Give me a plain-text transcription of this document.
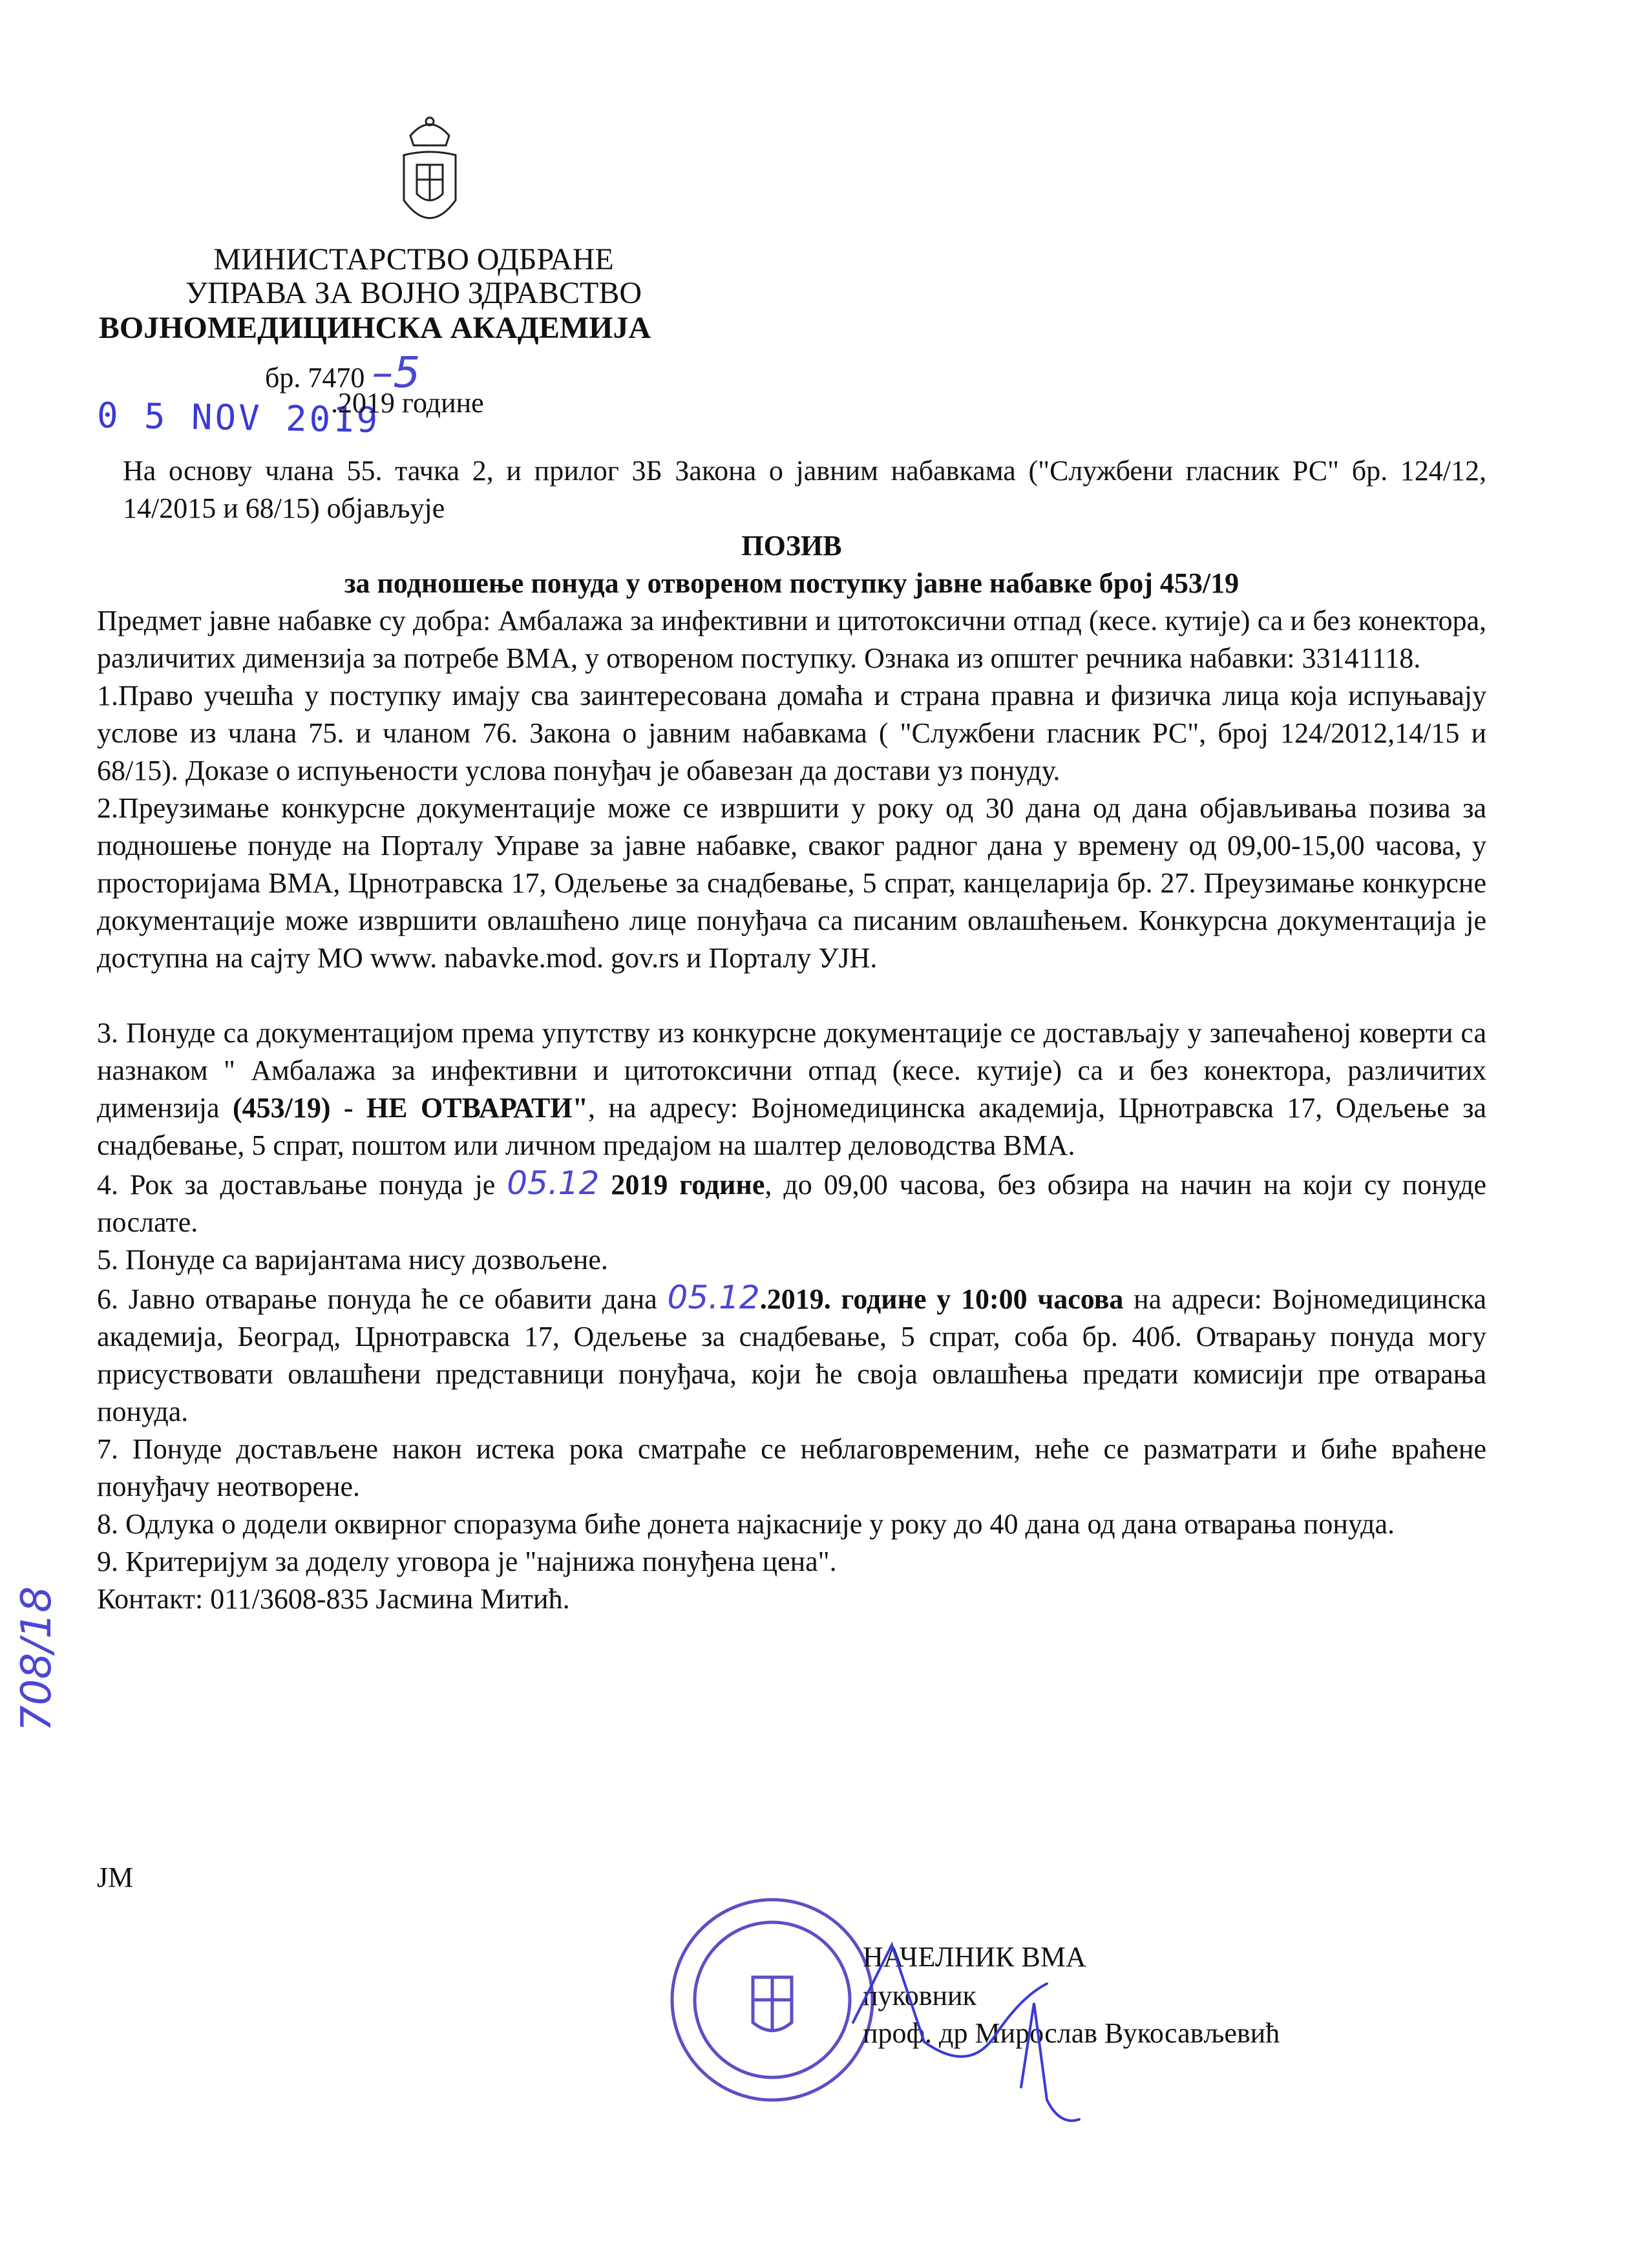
МИНИСТАРСТВО ОДБРАНЕ
УПРАВА ЗА ВОЈНО ЗДРАВСТВО
ВОЈНОМЕДИЦИНСКА АКАДЕМИЈА
бр. 7470 –5
0 5 NOV 2019
.2019 године

На основу члана 55. тачка 2, и прилог 3Б Закона о јавним набавкама ("Службени гласник РС" бр. 124/12, 14/2015 и 68/15) објављује

ПОЗИВ

за подношење понуда у отвореном поступку јавне набавке број 453/19

Предмет јавне набавке су добра: Амбалажа за инфективни и цитотоксични отпад (кесе. кутије) са и без конектора, различитих димензија за потребе ВМА, у отвореном поступку. Ознака из општег речника набавки: 33141118.

1.Право учешћа у поступку имају сва заинтересована домаћа и страна правна и физичка лица која испуњавају услове из члана 75. и чланом 76. Закона о јавним набавкама ( "Службени гласник РС", број 124/2012,14/15 и 68/15). Доказе о испуњености услова понуђач је обавезан да достави уз понуду.

2.Преузимање конкурсне документације може се извршити у року од 30 дана од дана објављивања позива за подношење понуде на Порталу Управе за јавне набавке, сваког радног дана у времену од 09,00-15,00 часова, у просторијама ВМА, Црнотравска 17, Одељење за снадбевање, 5 спрат, канцеларија бр. 27. Преузимање конкурсне документације може извршити овлашћено лице понуђача са писаним овлашћењем. Конкурсна документација је доступна на сајту МО www. nabavke.mod. gov.rs и Порталу УЈН.

3. Понуде са документацијом према упутству из конкурсне документације се достављају у запечаћеној коверти са назнаком " Амбалажа за инфективни и цитотоксични отпад (кесе. кутије) са и без конектора, различитих димензија (453/19) - НЕ ОТВАРАТИ", на адресу: Војномедицинска академија, Црнотравска 17, Одељење за снадбевање, 5 спрат, поштом или личном предајом на шалтер деловодства ВМА.

4. Рок за достављање понуда је 05.12 2019 године, до 09,00 часова, без обзира на начин на који су понуде послате.

5. Понуде са варијантама нису дозвољене.

6. Јавно отварање понуда ће се обавити дана 05.12.2019. године у 10:00 часова на адреси: Војномедицинска академија, Београд, Црнотравска 17, Одељење за снадбевање, 5 спрат, соба бр. 40б. Отварању понуда могу присуствовати овлашћени представници понуђача, који ће своја овлашћења предати комисији пре отварања понуда.

7. Понуде достављене након истека рока сматраће се неблаговременим, неће се разматрати и биће враћене понуђачу неотворене.

8. Одлука о додели оквирног споразума биће донета најкасније у року до 40 дана од дана отварања понуда.

9. Критеријум за доделу уговора је "најнижа понуђена цена".

Контакт: 011/3608-835 Јасмина Митић.

708/18
JM
НАЧЕЛНИК ВМА
пуковник
проф. др Мирослав Вукосављевић
